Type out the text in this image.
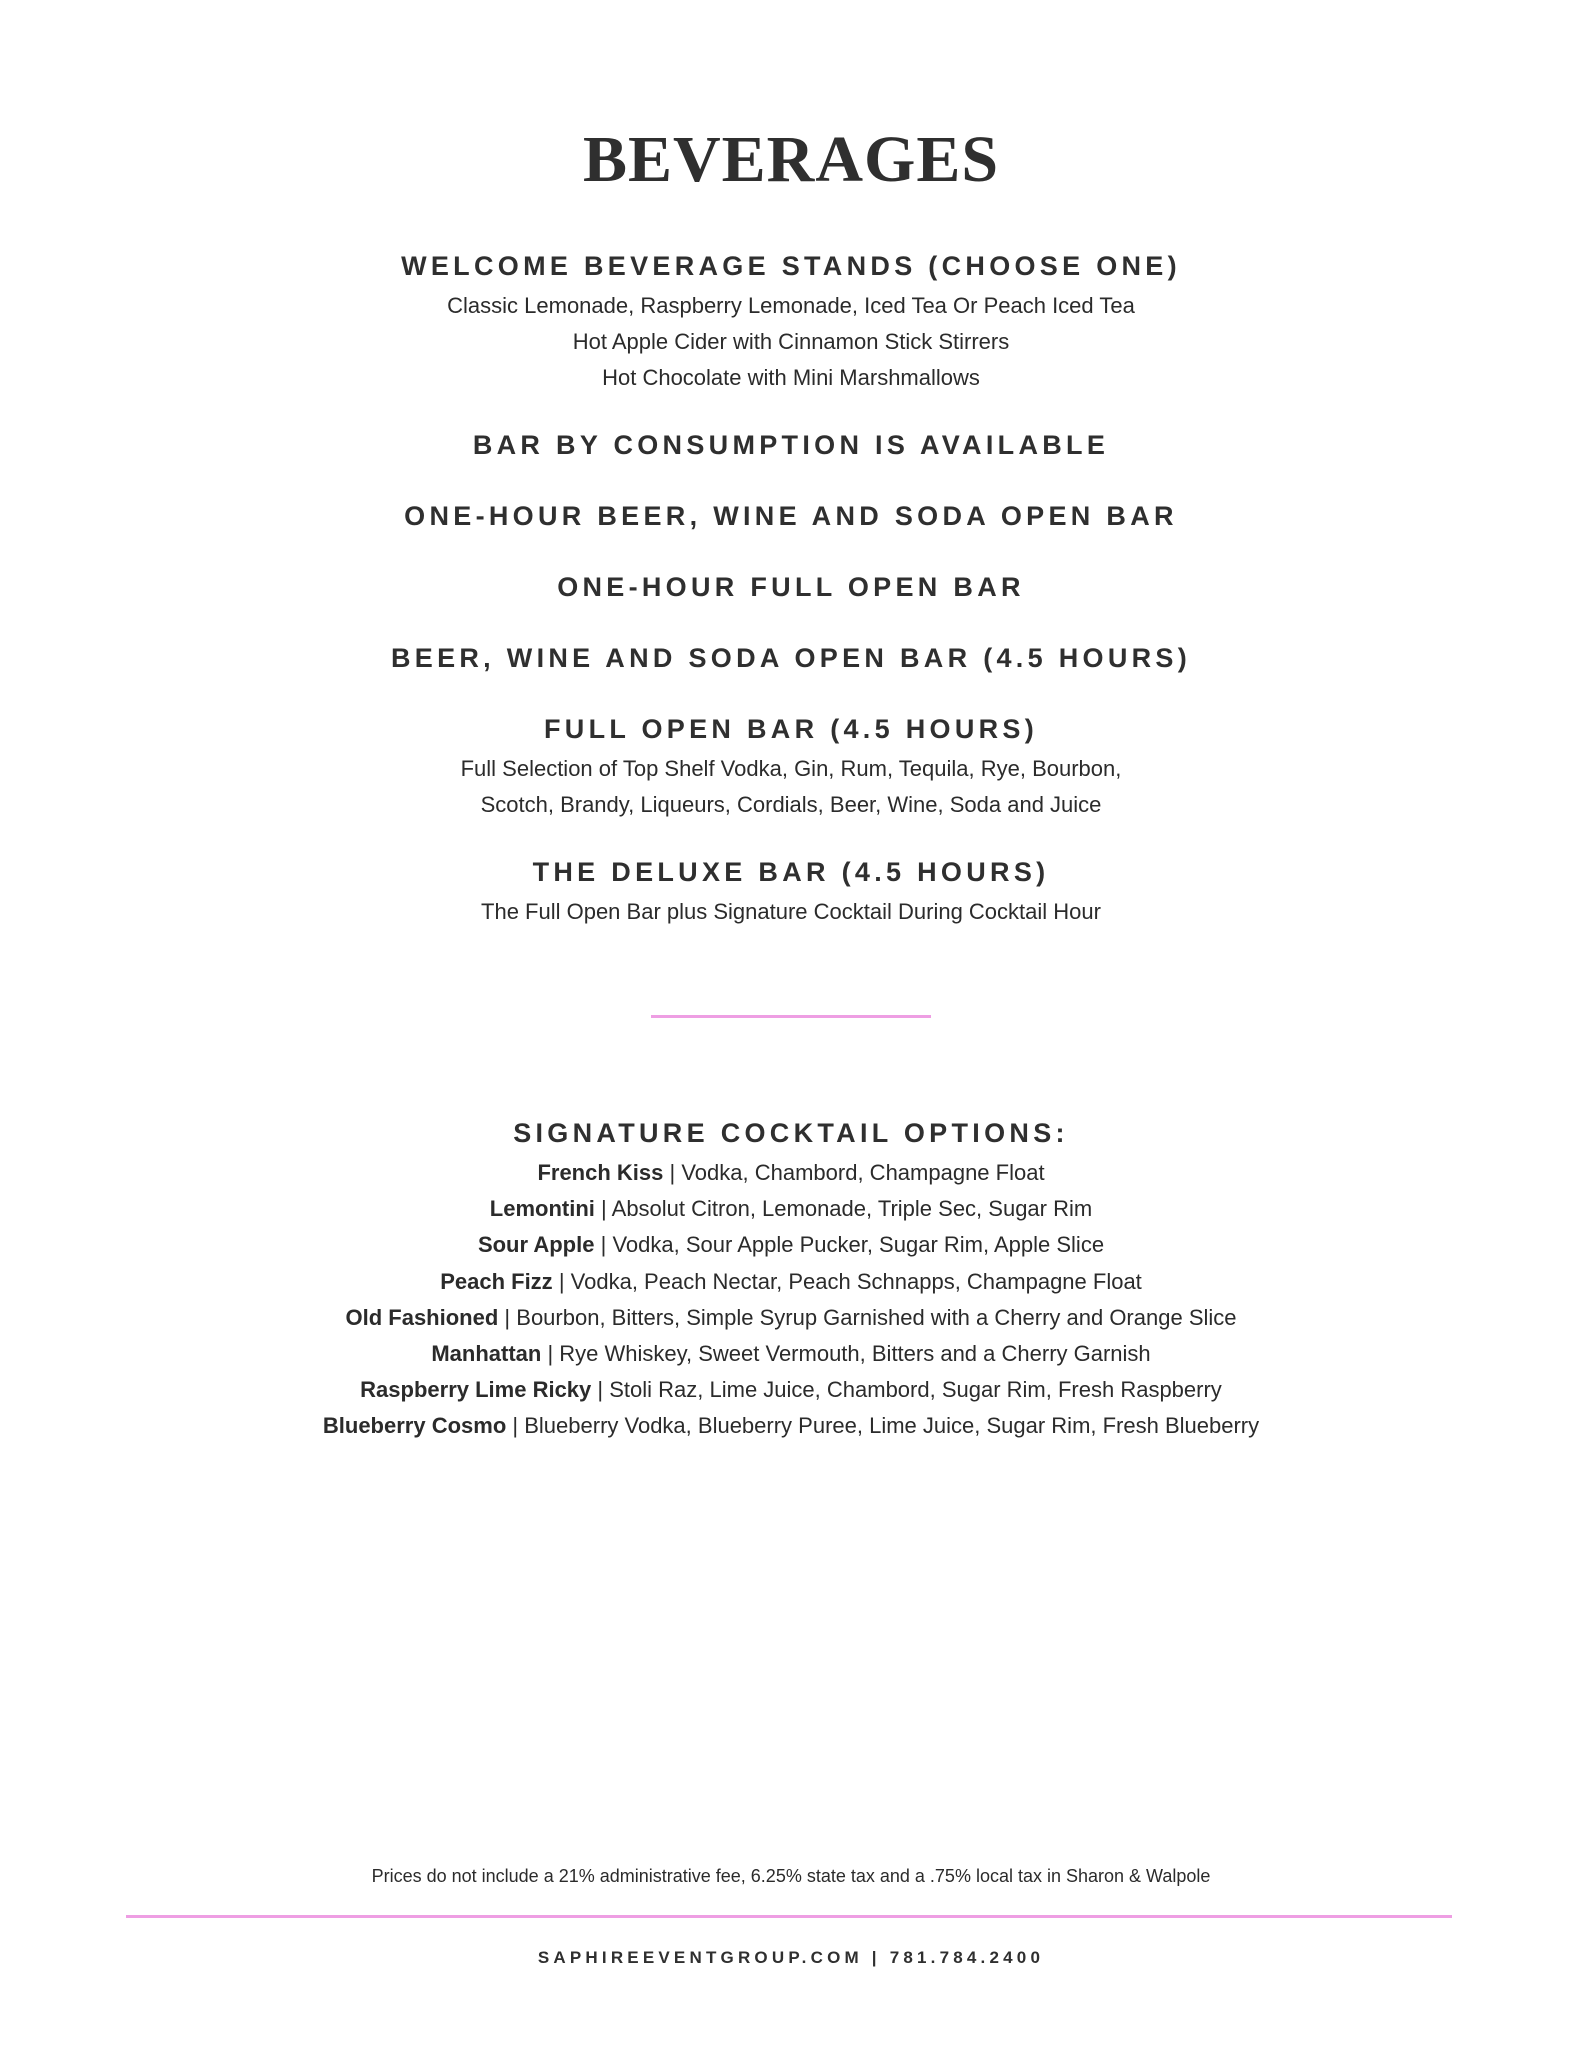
BEVERAGES
WELCOME BEVERAGE STANDS (CHOOSE ONE)

Classic Lemonade, Raspberry Lemonade, Iced Tea Or Peach Iced Tea

Hot Apple Cider with Cinnamon Stick Stirrers

Hot Chocolate with Mini Marshmallows

BAR BY CONSUMPTION IS AVAILABLE
ONE-HOUR BEER, WINE AND SODA OPEN BAR
ONE-HOUR FULL OPEN BAR
BEER, WINE AND SODA OPEN BAR (4.5 HOURS)
FULL OPEN BAR (4.5 HOURS)

Full Selection of Top Shelf Vodka, Gin, Rum, Tequila, Rye, Bourbon,

Scotch, Brandy, Liqueurs, Cordials, Beer, Wine, Soda and Juice

THE DELUXE BAR (4.5 HOURS)

The Full Open Bar plus Signature Cocktail During Cocktail Hour

SIGNATURE COCKTAIL OPTIONS:

French Kiss | Vodka, Chambord, Champagne Float

Lemontini | Absolut Citron, Lemonade, Triple Sec, Sugar Rim

Sour Apple | Vodka, Sour Apple Pucker, Sugar Rim, Apple Slice

Peach Fizz | Vodka, Peach Nectar, Peach Schnapps, Champagne Float

Old Fashioned | Bourbon, Bitters, Simple Syrup Garnished with a Cherry and Orange Slice

Manhattan | Rye Whiskey, Sweet Vermouth, Bitters and a Cherry Garnish

Raspberry Lime Ricky | Stoli Raz, Lime Juice, Chambord, Sugar Rim, Fresh Raspberry

Blueberry Cosmo | Blueberry Vodka, Blueberry Puree, Lime Juice, Sugar Rim, Fresh Blueberry

Prices do not include a 21% administrative fee, 6.25% state tax and a .75% local tax in Sharon & Walpole

SAPHIREEVENTGROUP.COM | 781.784.2400
